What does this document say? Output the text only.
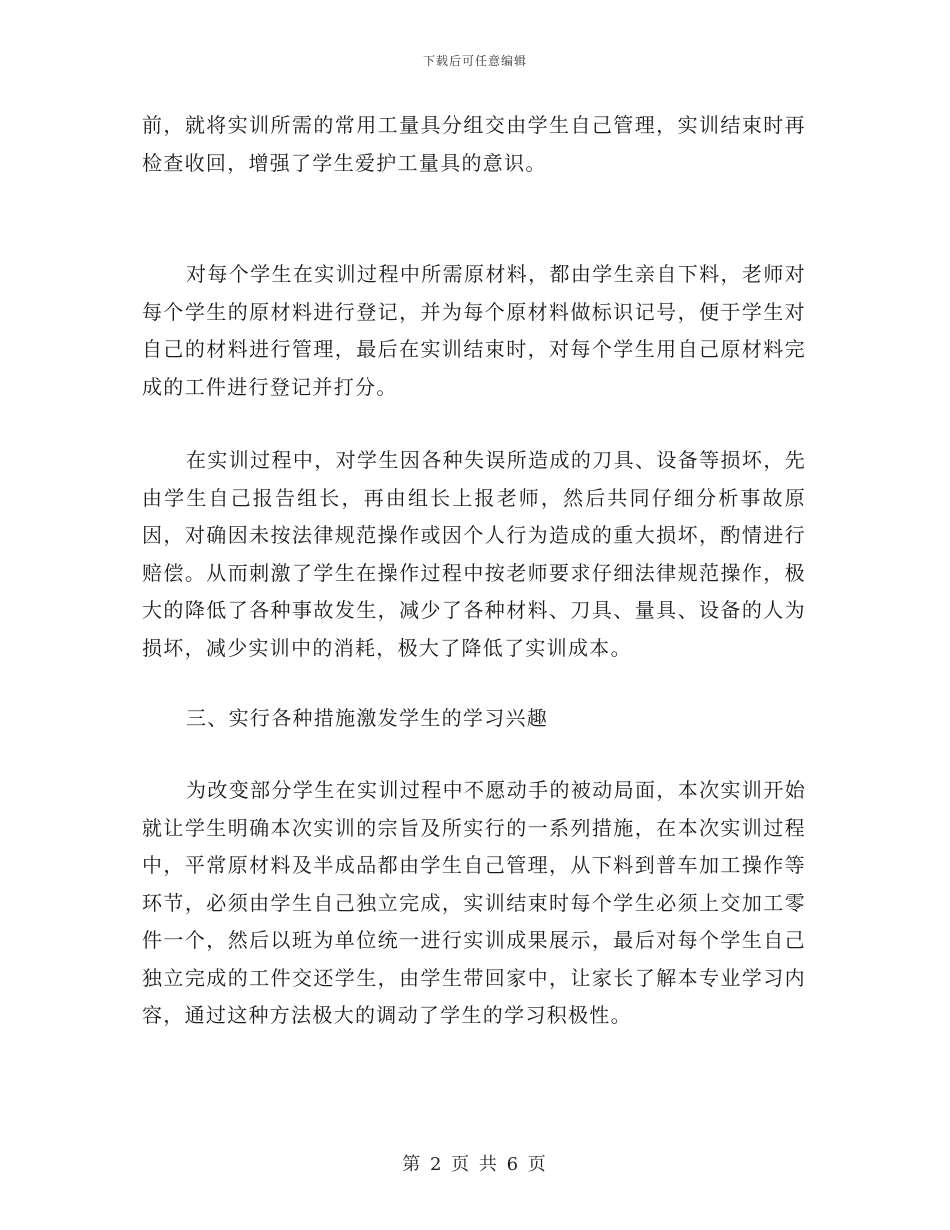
下载后可任意编辑
前，就将实训所需的常用工量具分组交由学生自己管理，实训结束时再检查收回，增强了学生爱护工量具的意识。
对每个学生在实训过程中所需原材料，都由学生亲自下料，老师对每个学生的原材料进行登记，并为每个原材料做标识记号，便于学生对自己的材料进行管理，最后在实训结束时，对每个学生用自己原材料完成的工件进行登记并打分。
在实训过程中，对学生因各种失误所造成的刀具、设备等损坏，先由学生自己报告组长，再由组长上报老师，然后共同仔细分析事故原因，对确因未按法律规范操作或因个人行为造成的重大损坏，酌情进行赔偿。从而刺激了学生在操作过程中按老师要求仔细法律规范操作，极大的降低了各种事故发生，减少了各种材料、刀具、量具、设备的人为损坏，减少实训中的消耗，极大了降低了实训成本。
三、实行各种措施激发学生的学习兴趣
为改变部分学生在实训过程中不愿动手的被动局面，本次实训开始就让学生明确本次实训的宗旨及所实行的一系列措施，在本次实训过程中，平常原材料及半成品都由学生自己管理，从下料到普车加工操作等环节，必须由学生自己独立完成，实训结束时每个学生必须上交加工零件一个，然后以班为单位统一进行实训成果展示，最后对每个学生自己独立完成的工件交还学生，由学生带回家中，让家长了解本专业学习内容，通过这种方法极大的调动了学生的学习积极性。
第 2 页 共 6 页
